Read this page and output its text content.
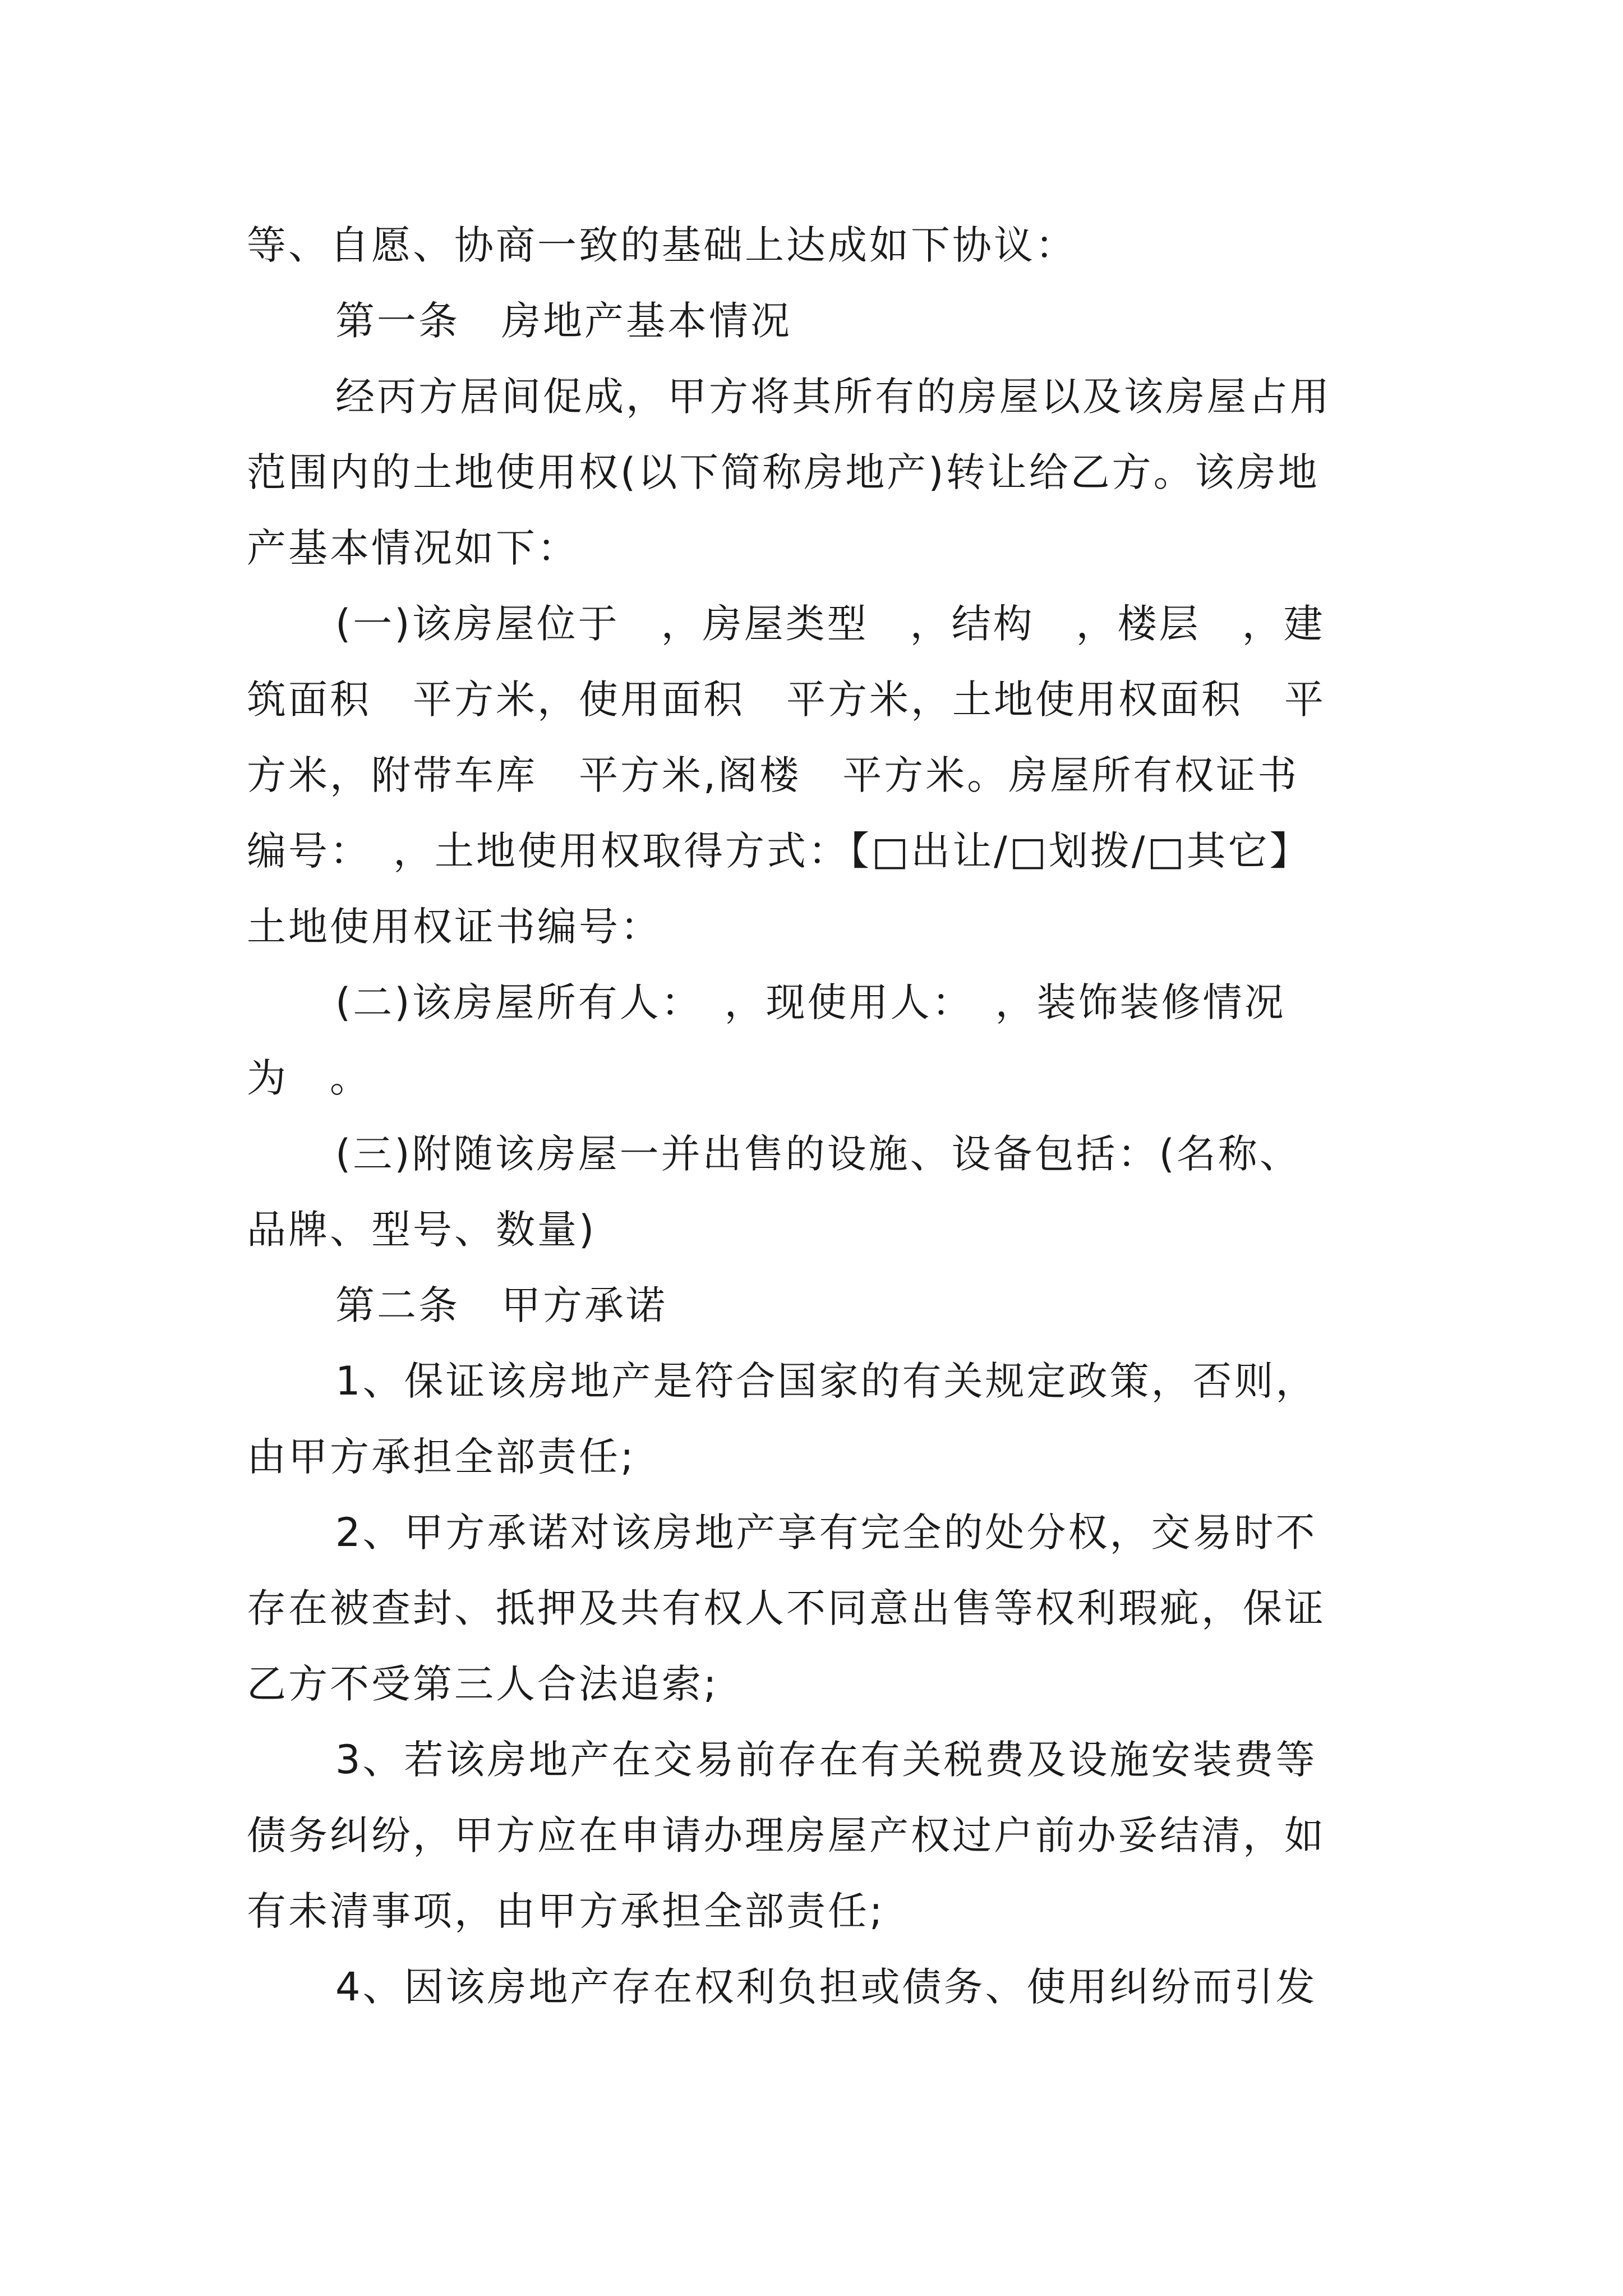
等、自愿、协商一致的基础上达成如下协议：

第一条　房地产基本情况

经丙方居间促成，甲方将其所有的房屋以及该房屋占用

范围内的土地使用权(以下简称房地产)转让给乙方。该房地

产基本情况如下：

(一)该房屋位于　，房屋类型　，结构　，楼层　，建

筑面积　平方米，使用面积　平方米，土地使用权面积　平

方米，附带车库　平方米,阁楼　平方米。房屋所有权证书

编号：　，土地使用权取得方式：【□出让/□划拨/□其它】

土地使用权证书编号：

(二)该房屋所有人：　，现使用人：　，装饰装修情况

为　。

(三)附随该房屋一并出售的设施、设备包括：(名称、

品牌、型号、数量)

第二条　甲方承诺

1、保证该房地产是符合国家的有关规定政策，否则，

由甲方承担全部责任;

2、甲方承诺对该房地产享有完全的处分权，交易时不

存在被查封、抵押及共有权人不同意出售等权利瑕疵，保证

乙方不受第三人合法追索;

3、若该房地产在交易前存在有关税费及设施安装费等

债务纠纷，甲方应在申请办理房屋产权过户前办妥结清，如

有未清事项，由甲方承担全部责任;

4、因该房地产存在权利负担或债务、使用纠纷而引发
